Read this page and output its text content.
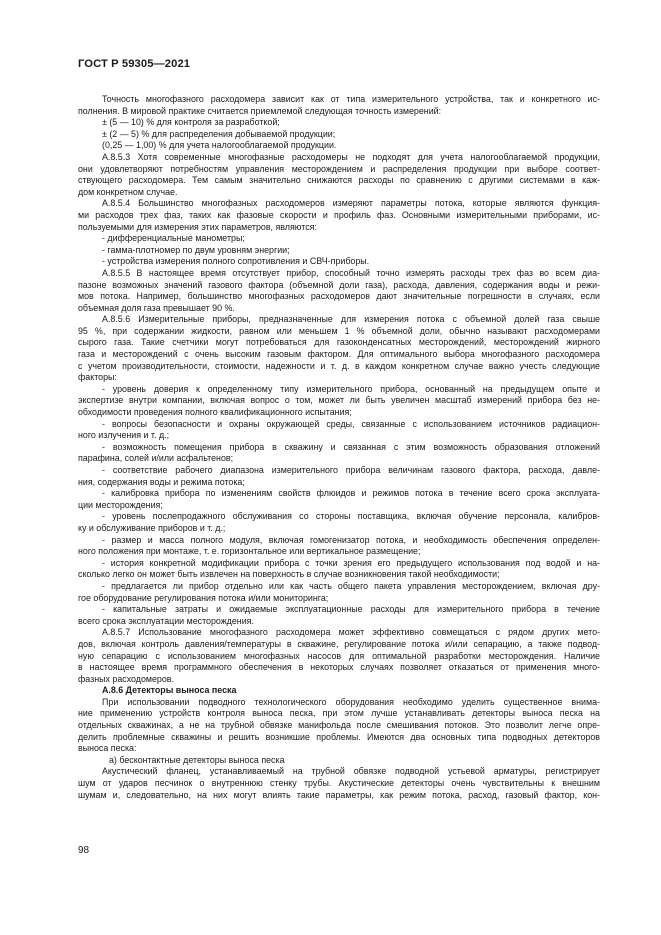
ГОСТ Р 59305—2021
Точность многофазного расходомера зависит как от типа измерительного устройства, так и конкретного ис-
полнения. В мировой практике считается приемлемой следующая точность измерений:
± (5 — 10) % для контроля за разработкой;
± (2 — 5) % для распределения добываемой продукции;
(0,25 — 1,00) % для учета налогооблагаемой продукции.
А.8.5.3 Хотя современные многофазные расходомеры не подходят для учета налогооблагаемой продукции,
они удовлетворяют потребностям управления месторождением и распределения продукции при выборе соответ-
ствующего расходомера. Тем самым значительно снижаются расходы по сравнению с другими системами в каж-
дом конкретном случае.
А.8.5.4 Большинство многофазных расходомеров измеряют параметры потока, которые являются функция-
ми расходов трех фаз, таких как фазовые скорости и профиль фаз. Основными измерительными приборами, ис-
пользуемыми для измерения этих параметров, являются:
- дифференциальные манометры;
- гамма-плотномер по двум уровням энергии;
- устройства измерения полного сопротивления и СВЧ-приборы.
А.8.5.5 В настоящее время отсутствует прибор, способный точно измерять расходы трех фаз во всем диа-
пазоне возможных значений газового фактора (объемной доли газа), расхода, давления, содержания воды и режи-
мов потока. Например, большинство многофазных расходомеров дают значительные погрешности в случаях, если
объемная доля газа превышает 90 %.
А.8.5.6 Измерительные приборы, предназначенные для измерения потока с объемной долей газа свыше
95 %, при содержании жидкости, равном или меньшем 1 % объемной доли, обычно называют расходомерами
сырого газа. Такие счетчики могут потребоваться для газоконденсатных месторождений, месторождений жирного
газа и месторождений с очень высоким газовым фактором. Для оптимального выбора многофазного расходомера
с учетом производительности, стоимости, надежности и т. д. в каждом конкретном случае важно учесть следующие
факторы:
- уровень доверия к определенному типу измерительного прибора, основанный на предыдущем опыте и
экспертизе внутри компании, включая вопрос о том, может ли быть увеличен масштаб измерений прибора без не-
обходимости проведения полного квалификационного испытания;
- вопросы безопасности и охраны окружающей среды, связанные с использованием источников радиацион-
ного излучения и т. д.;
- возможность помещения прибора в скважину и связанная с этим возможность образования отложений
парафина, солей и/или асфальтенов;
- соответствие рабочего диапазона измерительного прибора величинам газового фактора, расхода, давле-
ния, содержания воды и режима потока;
- калибровка прибора по изменениям свойств флюидов и режимов потока в течение всего срока эксплуата-
ции месторождения;
- уровень послепродажного обслуживания со стороны поставщика, включая обучение персонала, калибров-
ку и обслуживание приборов и т. д.;
- размер и масса полного модуля, включая гомогенизатор потока, и необходимость обеспечения определен-
ного положения при монтаже, т. е. горизонтальное или вертикальное размещение;
- история конкретной модификации прибора с точки зрения его предыдущего использования под водой и на-
сколько легко он может быть извлечен на поверхность в случае возникновения такой необходимости;
- предлагается ли прибор отдельно или как часть общего пакета управления месторождением, включая дру-
гое оборудование регулирования потока и/или мониторинга;
- капитальные затраты и ожидаемые эксплуатационные расходы для измерительного прибора в течение
всего срока эксплуатации месторождения.
А.8.5.7 Использование многофазного расходомера может эффективно совмещаться с рядом других мето-
дов, включая контроль давления/температуры в скважине, регулирование потока и/или сепарацию, а также подвод-
ную сепарацию с использованием многофазных насосов для оптимальной разработки месторождения. Наличие
в настоящее время программного обеспечения в некоторых случаях позволяет отказаться от применения много-
фазных расходомеров.
А.8.6 Детекторы выноса песка
При использовании подводного технологического оборудования необходимо уделить существенное внима-
ние применению устройств контроля выноса песка, при этом лучше устанавливать детекторы выноса песка на
отдельных скважинах, а не на трубной обвязке манифольда после смешивания потоков. Это позволит легче опре-
делить проблемные скважины и решить возникшие проблемы. Имеются два основных типа подводных детекторов
выноса песка:
а) бесконтактные детекторы выноса песка
Акустический фланец, устанавливаемый на трубной обвязке подводной устьевой арматуры, регистрирует
шум от ударов песчинок о внутреннюю стенку трубы. Акустические детекторы очень чувствительны к внешним
шумам и, следовательно, на них могут влиять такие параметры, как режим потока, расход, газовый фактор, кон-
98
